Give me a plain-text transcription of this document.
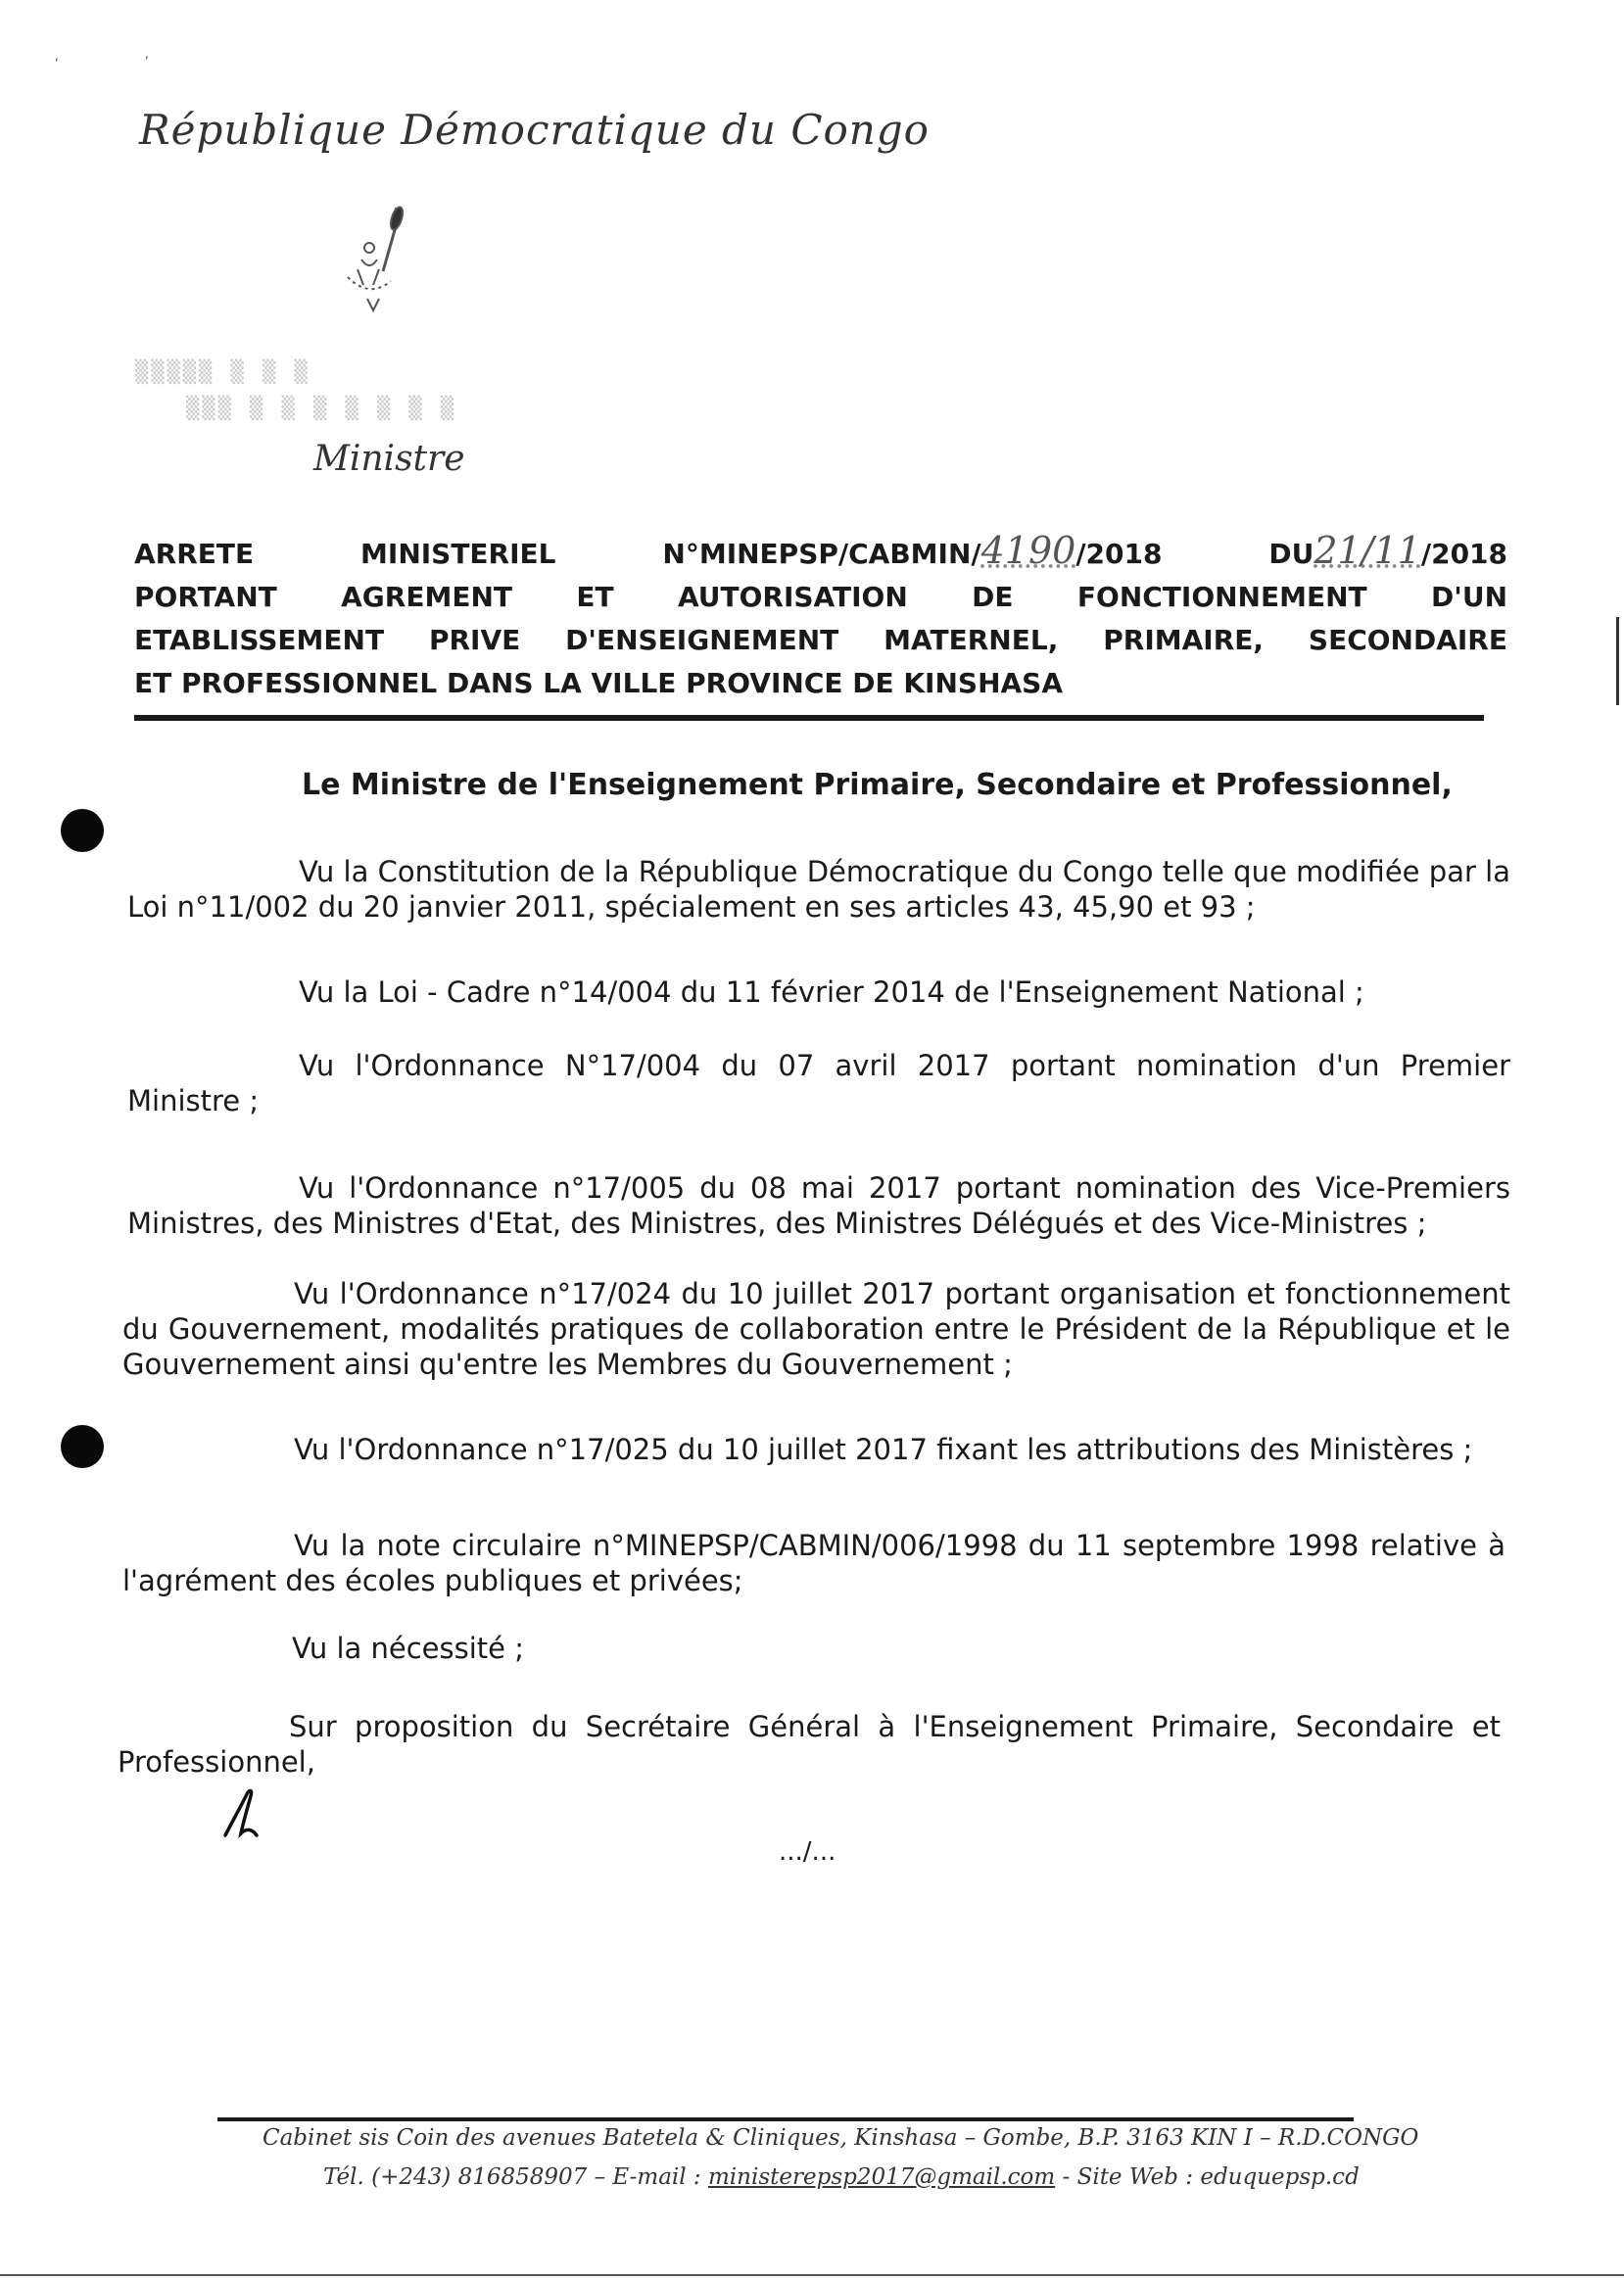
,	,
République Démocratique du Congo
▒▒▒▒▒ ▒ ▒ ▒
▒▒▒ ▒ ▒ ▒ ▒ ▒ ▒ ▒
Ministre
ARRETE	MINISTERIEL	N°MINEPSP/CABMIN/4190/2018	DU21/11/2018
PORTANT AGREMENT ET AUTORISATION DE FONCTIONNEMENT D'UN
ETABLISSEMENT PRIVE D'ENSEIGNEMENT MATERNEL, PRIMAIRE, SECONDAIRE
ET PROFESSIONNEL DANS LA VILLE PROVINCE DE KINSHASA
Le Ministre de l'Enseignement Primaire, Secondaire et Professionnel,
Vu la Constitution de la République Démocratique du Congo telle que modifiée par la Loi n°11/002 du 20 janvier 2011, spécialement en ses articles 43, 45,90 et 93 ;
Vu la Loi - Cadre n°14/004 du 11 février 2014 de l'Enseignement National ;
Vu l'Ordonnance N°17/004 du 07 avril 2017 portant nomination d'un Premier Ministre ;
Vu l'Ordonnance n°17/005 du 08 mai 2017 portant nomination des Vice-Premiers Ministres, des Ministres d'Etat, des Ministres, des Ministres Délégués et des Vice-Ministres ;
Vu l'Ordonnance n°17/024 du 10 juillet 2017 portant organisation et fonctionnement du Gouvernement, modalités pratiques de collaboration entre le Président de la République et le Gouvernement ainsi qu'entre les Membres du Gouvernement ;
Vu l'Ordonnance n°17/025 du 10 juillet 2017 fixant les attributions des Ministères ;
Vu la note circulaire n°MINEPSP/CABMIN/006/1998 du 11 septembre 1998 relative à l'agrément des écoles publiques et privées;
Vu la nécessité ;
Sur proposition du Secrétaire Général à l'Enseignement Primaire, Secondaire et Professionnel,
.../...
Cabinet sis Coin des avenues Batetela & Cliniques, Kinshasa – Gombe, B.P. 3163 KIN I – R.D.CONGO
Tél. (+243) 816858907 – E-mail : ministerepsp2017@gmail.com - Site Web : eduquepsp.cd
